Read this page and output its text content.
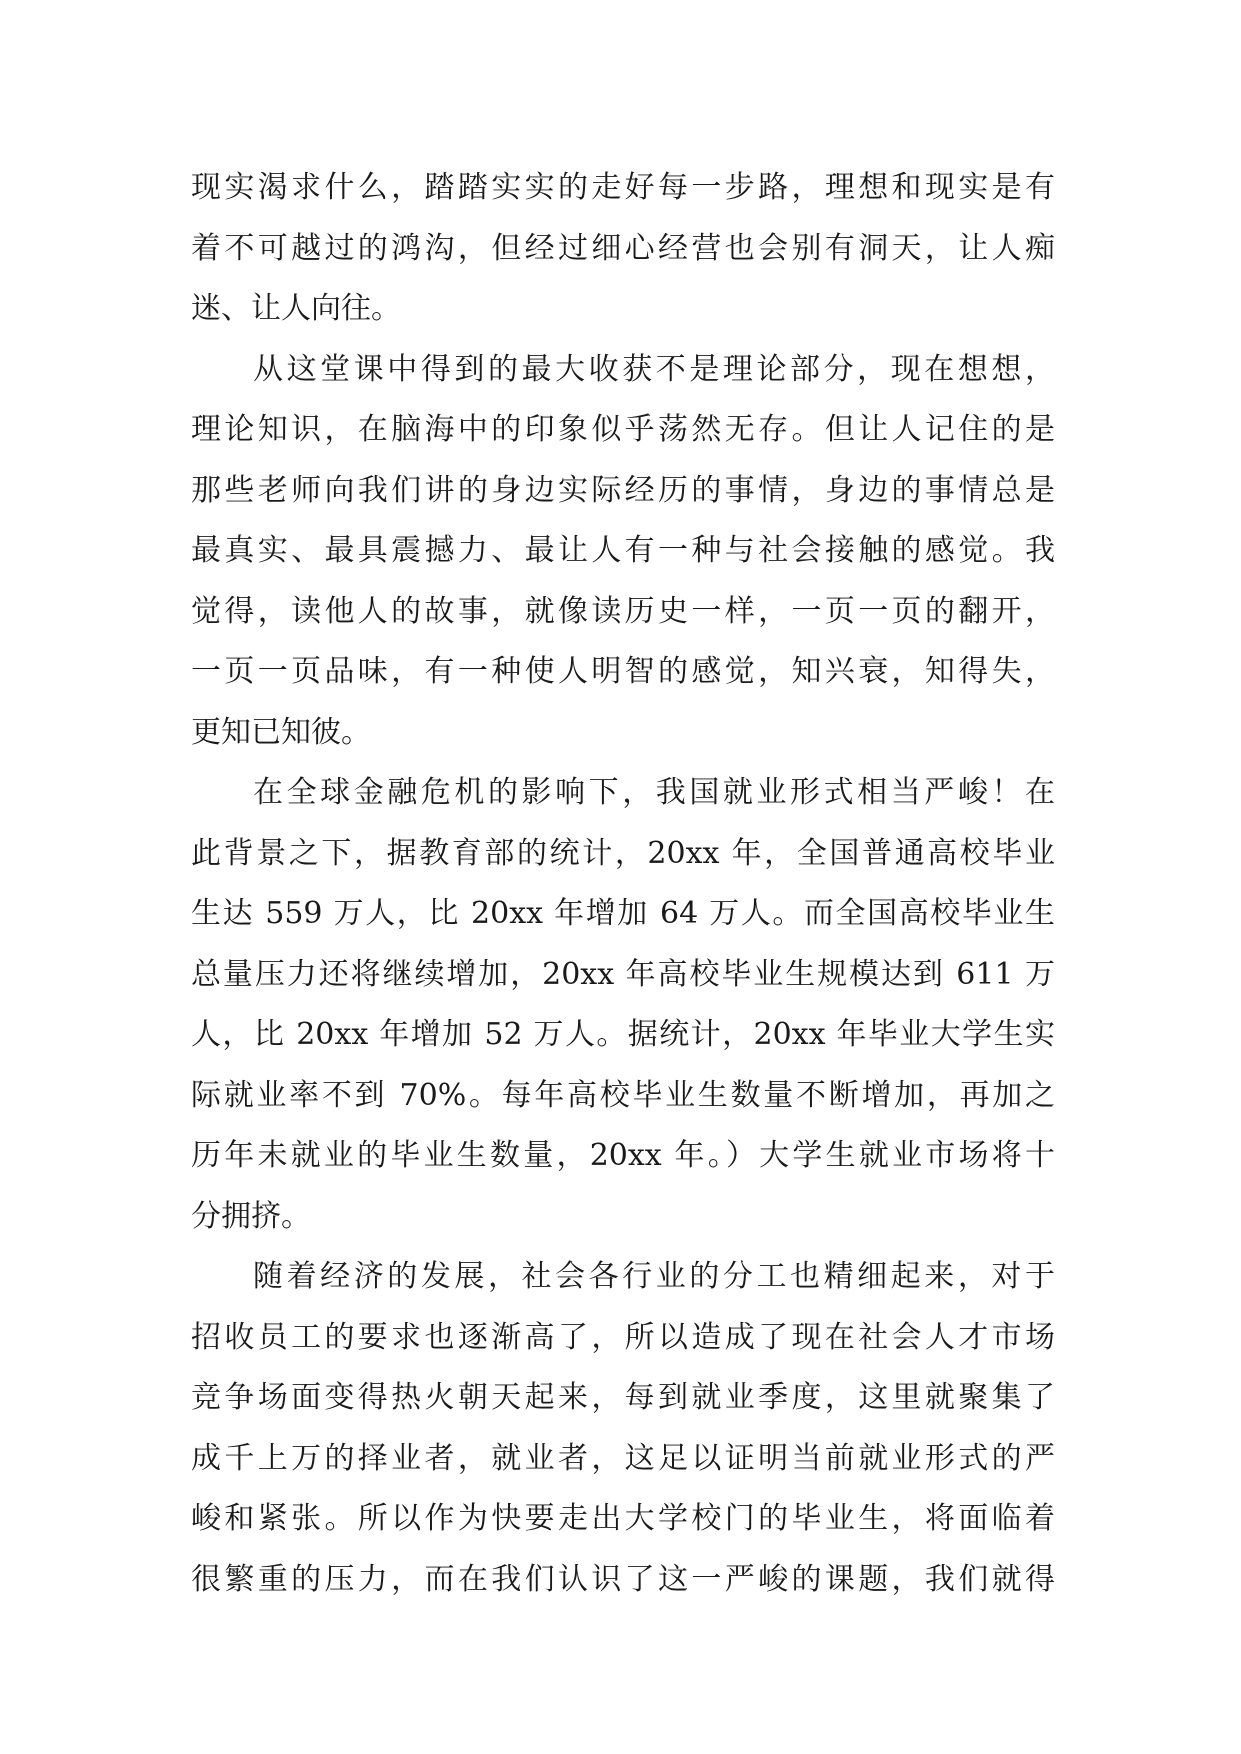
现实渴求什么，踏踏实实的走好每一步路，理想和现实是有
着不可越过的鸿沟，但经过细心经营也会别有洞天，让人痴
迷、让人向往。
从这堂课中得到的最大收获不是理论部分，现在想想，
理论知识，在脑海中的印象似乎荡然无存。但让人记住的是
那些老师向我们讲的身边实际经历的事情，身边的事情总是
最真实、最具震撼力、最让人有一种与社会接触的感觉。我
觉得，读他人的故事，就像读历史一样，一页一页的翻开，
一页一页品味，有一种使人明智的感觉，知兴衰，知得失，
更知已知彼。
在全球金融危机的影响下，我国就业形式相当严峻！在
此背景之下，据教育部的统计，20xx 年，全国普通高校毕业
生达 559 万人，比 20xx 年增加 64 万人。而全国高校毕业生
总量压力还将继续增加，20xx 年高校毕业生规模达到 611 万
人，比 20xx 年增加 52 万人。据统计，20xx 年毕业大学生实
际就业率不到 70%。每年高校毕业生数量不断增加，再加之
历年未就业的毕业生数量，20xx 年。）大学生就业市场将十
分拥挤。
随着经济的发展，社会各行业的分工也精细起来，对于
招收员工的要求也逐渐高了，所以造成了现在社会人才市场
竞争场面变得热火朝天起来，每到就业季度，这里就聚集了
成千上万的择业者，就业者，这足以证明当前就业形式的严
峻和紧张。所以作为快要走出大学校门的毕业生，将面临着
很繁重的压力，而在我们认识了这一严峻的课题，我们就得
